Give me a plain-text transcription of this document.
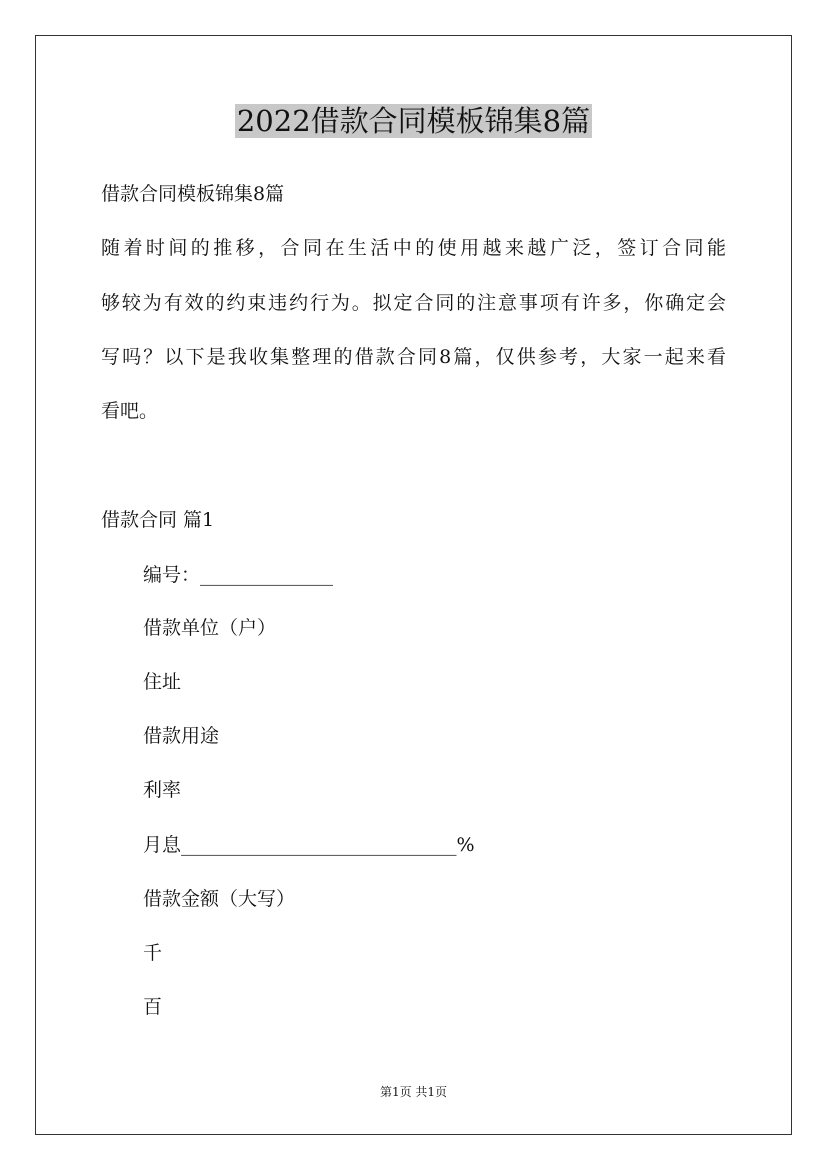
2022借款合同模板锦集8篇

借款合同模板锦集8篇

随着时间的推移，合同在生活中的使用越来越广泛，签订合同能

够较为有效的约束违约行为。拟定合同的注意事项有许多，你确定会

写吗？以下是我收集整理的借款合同8篇，仅供参考，大家一起来看

看吧。

借款合同 篇1

编号：______________

借款单位（户）

住址

借款用途

利率

月息_____________________________%

借款金额（大写）

千

百

第1页 共1页
